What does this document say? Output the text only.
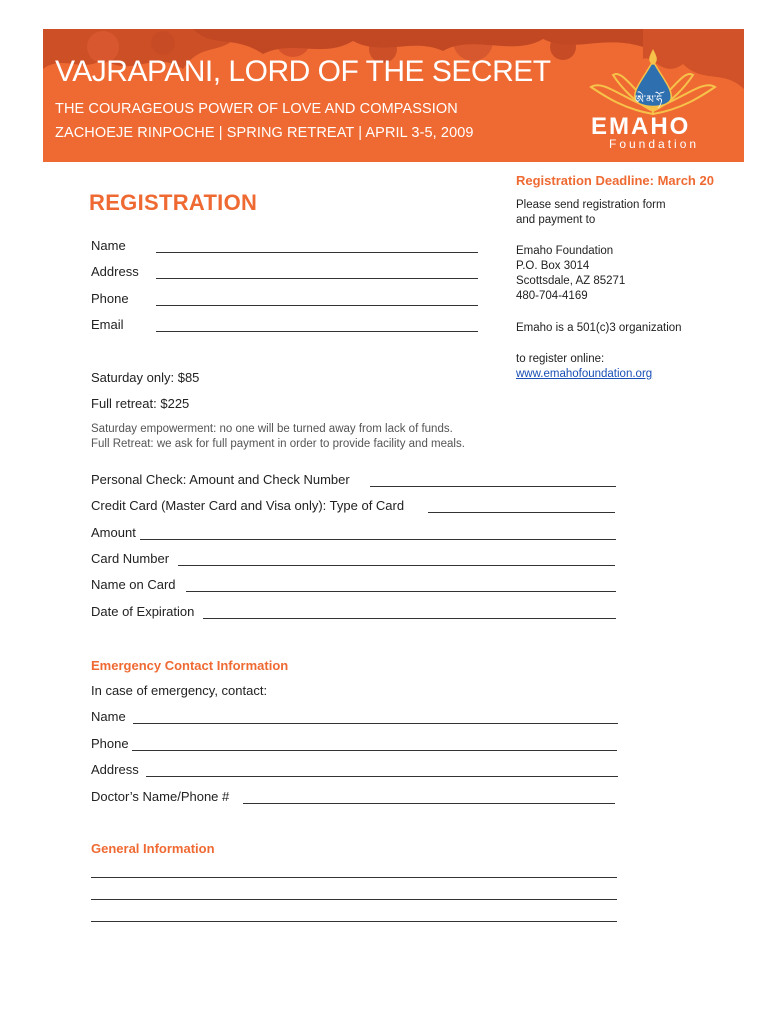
VAJRAPANI, LORD OF THE SECRET
THE COURAGEOUS POWER OF LOVE AND COMPASSION
ZACHOEJE RINPOCHE | SPRING RETREAT | APRIL 3-5, 2009
ཨེ་མ་ཧོ
EMAHO
Foundation
REGISTRATION
Name
Address
Phone
Email
Registration Deadline: March 20
Please send registration form
and payment to
Emaho Foundation
P.O. Box 3014
Scottsdale, AZ 85271
480-704-4169
Emaho is a 501(c)3 organization
to register online:
www.emahofoundation.org
Saturday only: $85
Full retreat: $225
Saturday empowerment: no one will be turned away from lack of funds.
Full Retreat: we ask for full payment in order to provide facility and meals.
Personal Check: Amount and Check Number
Credit Card (Master Card and Visa only): Type of Card
Amount
Card Number
Name on Card
Date of Expiration
Emergency Contact Information
In case of emergency, contact:
Name
Phone
Address
Doctor’s Name/Phone #
General Information
